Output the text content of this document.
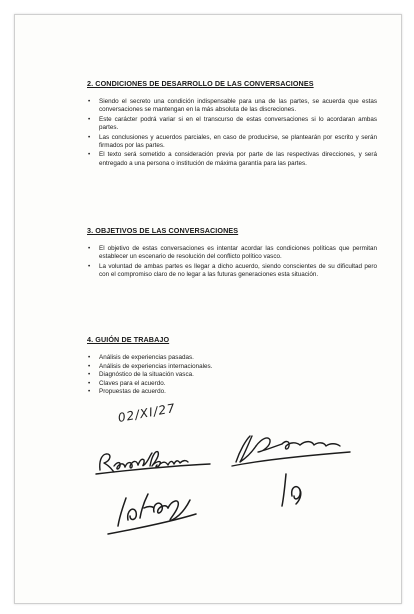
2. CONDICIONES DE DESARROLLO DE LAS CONVERSACIONES
• Siendo el secreto una condición indispensable para una de las partes, se acuerda que estas conversaciones se mantengan en la más absoluta de las discreciones.
• Este carácter podrá variar si en el transcurso de estas conversaciones si lo acordaran ambas partes.
• Las conclusiones y acuerdos parciales, en caso de producirse, se plantearán por escrito y serán firmados por las partes.
• El texto será sometido a consideración previa por parte de las respectivas direcciones, y será entregado a una persona o institución de máxima garantía para las partes.
3. OBJETIVOS DE LAS CONVERSACIONES
• El objetivo de estas conversaciones es intentar acordar las condiciones políticas que permitan establecer un escenario de resolución del conflicto político vasco.
• La voluntad de ambas partes es llegar a dicho acuerdo, siendo conscientes de su dificultad pero con el compromiso claro de no legar a las futuras generaciones esta situación.
4. GUIÓN DE TRABAJO
• Análisis de experiencias pasadas.
• Análisis de experiencias internacionales.
• Diagnóstico de la situación vasca.
• Claves para el acuerdo.
• Propuestas de acuerdo.
02/XI/27
